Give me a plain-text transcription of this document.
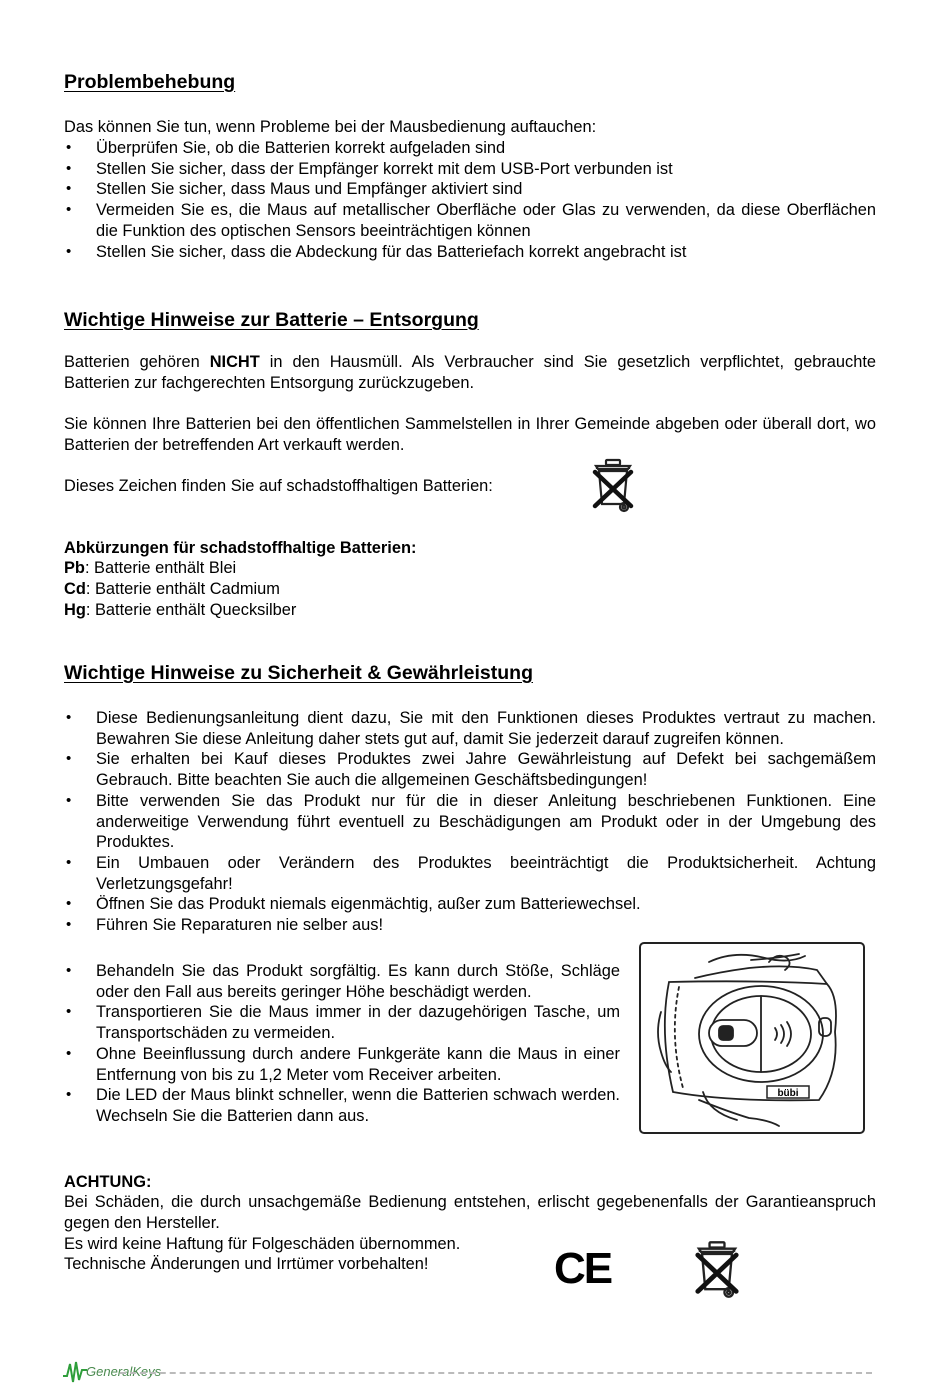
Problembehebung

Das können Sie tun, wenn Probleme bei der Mausbedienung auftauchen:

• Überprüfen Sie, ob die Batterien korrekt aufgeladen sind
• Stellen Sie sicher, dass der Empfänger korrekt mit dem USB-Port verbunden ist
• Stellen Sie sicher, dass Maus und Empfänger aktiviert sind
• Vermeiden Sie es, die Maus auf metallischer Oberfläche oder Glas zu verwenden, da diese Oberflächen die Funktion des optischen Sensors beeinträchtigen können
• Stellen Sie sicher, dass die Abdeckung für das Batteriefach korrekt angebracht ist
Wichtige Hinweise zur Batterie – Entsorgung

Batterien gehören NICHT in den Hausmüll. Als Verbraucher sind Sie gesetzlich verpflichtet, gebrauchte Batterien zur fachgerechten Entsorgung zurückzugeben.

Sie können Ihre Batterien bei den öffentlichen Sammelstellen in Ihrer Gemeinde abgeben oder überall dort, wo Batterien der betreffenden Art verkauft werden.

Dieses Zeichen finden Sie auf schadstoffhaltigen Batterien:

Abkürzungen für schadstoffhaltige Batterien:

Pb: Batterie enthält Blei

Cd: Batterie enthält Cadmium

Hg: Batterie enthält Quecksilber

Wichtige Hinweise zu Sicherheit & Gewährleistung
• Diese Bedienungsanleitung dient dazu, Sie mit den Funktionen dieses Produktes vertraut zu machen. Bewahren Sie diese Anleitung daher stets gut auf, damit Sie jederzeit darauf zugreifen können.
• Sie erhalten bei Kauf dieses Produktes zwei Jahre Gewährleistung auf Defekt bei sachgemäßem Gebrauch. Bitte beachten Sie auch die allgemeinen Geschäftsbedingungen!
• Bitte verwenden Sie das Produkt nur für die in dieser Anleitung beschriebenen Funktionen. Eine anderweitige Verwendung führt eventuell zu Beschädigungen am Produkt oder in der Umgebung des Produktes.
• Ein Umbauen oder Verändern des Produktes beeinträchtigt die Produktsicherheit. Achtung Verletzungsgefahr!
• Öffnen Sie das Produkt niemals eigenmächtig, außer zum Batteriewechsel.
• Führen Sie Reparaturen nie selber aus!
• Behandeln Sie das Produkt sorgfältig. Es kann durch Stöße, Schläge oder den Fall aus bereits geringer Höhe beschädigt werden.
• Transportieren Sie die Maus immer in der dazugehörigen Tasche, um Transportschäden zu vermeiden.
• Ohne Beeinflussung durch andere Funkgeräte kann die Maus in einer Entfernung von bis zu 1,2 Meter vom Receiver arbeiten.
• Die LED der Maus blinkt schneller, wenn die Batterien schwach werden. Wechseln Sie die Batterien dann aus.
bübi

ACHTUNG:

Bei Schäden, die durch unsachgemäße Bedienung entstehen, erlischt gegebenenfalls der Garantieanspruch gegen den Hersteller.

Es wird keine Haftung für Folgeschäden übernommen.

Technische Änderungen und Irrtümer vorbehalten!	CE
GeneralKeys
